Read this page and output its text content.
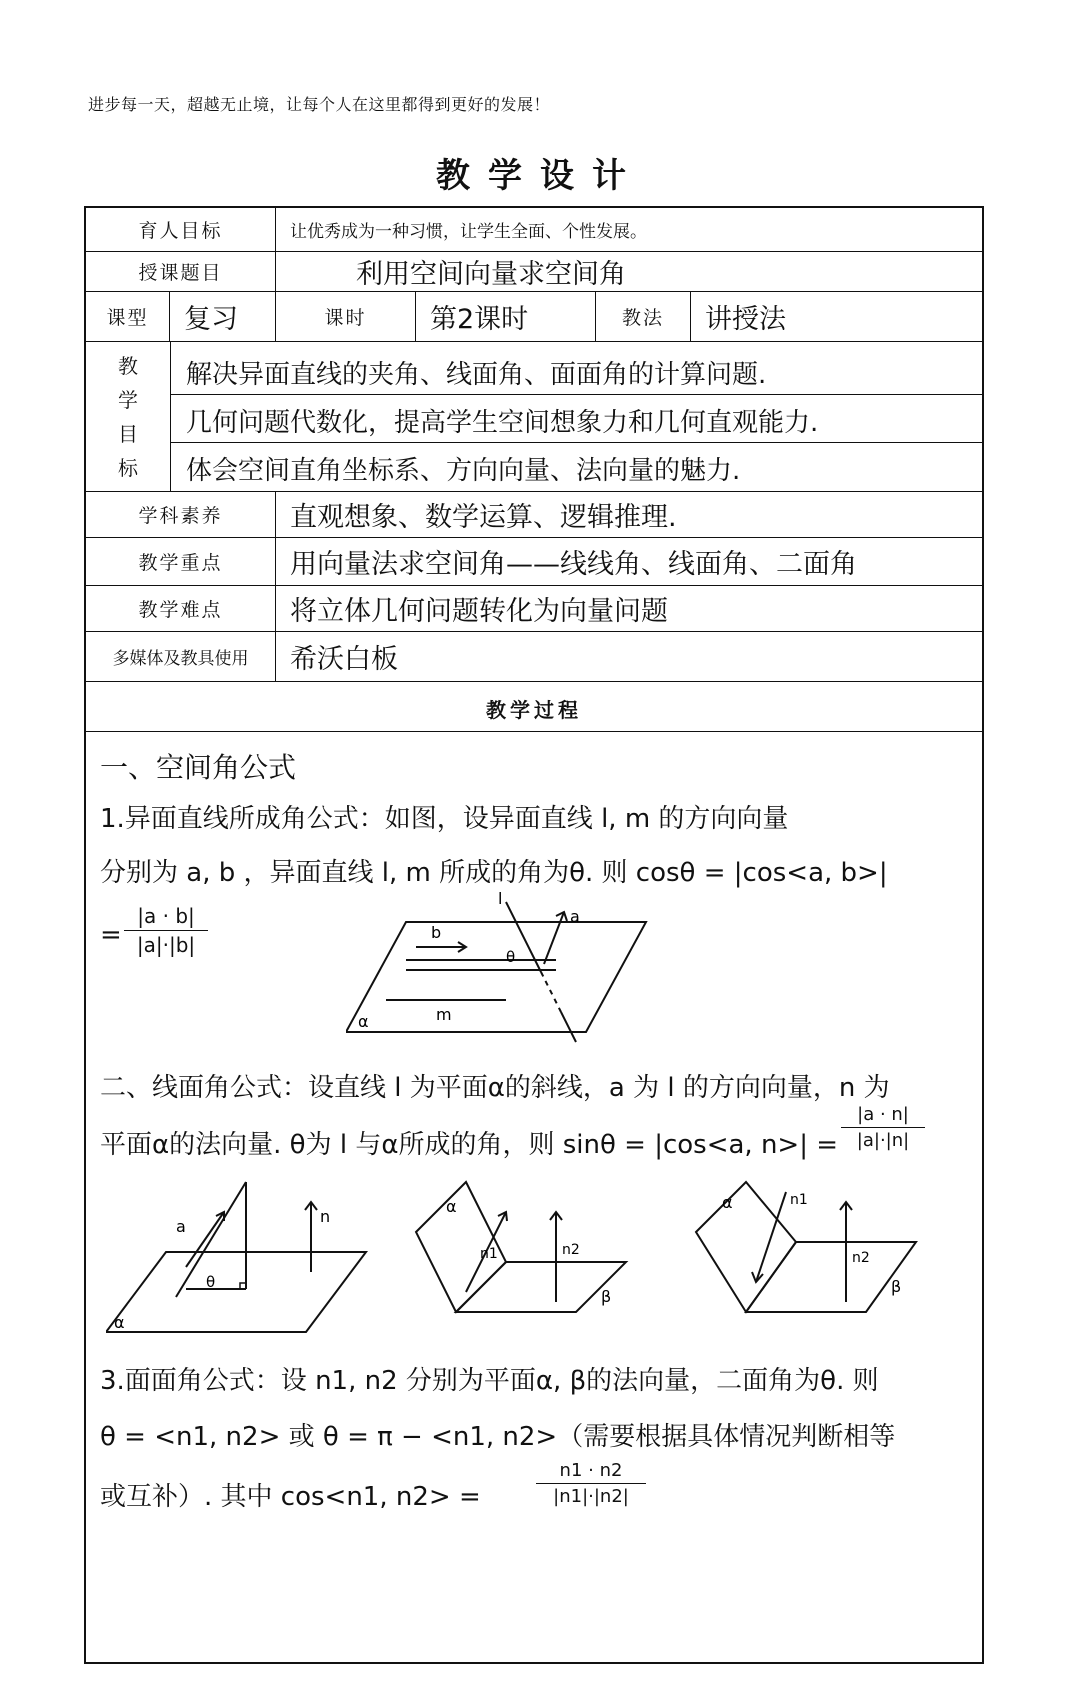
进步每一天，超越无止境，让每个人在这里都得到更好的发展！
教学设计
育人目标	让优秀成为一种习惯，让学生全面、个性发展。
授课题目	利用空间向量求空间角
课型	复习	课时	第2课时	教法	讲授法
教
学
目
标
解决异面直线的夹角、线面角、面面角的计算问题.
几何问题代数化，提高学生空间想象力和几何直观能力.
体会空间直角坐标系、方向向量、法向量的魅力.
学科素养	直观想象、数学运算、逻辑推理.
教学重点	用向量法求空间角——线线角、线面角、二面角
教学难点	将立体几何问题转化为向量问题
多媒体及教具使用	希沃白板
教学过程
一、空间角公式
1.异面直线所成角公式：如图，设异面直线 l, m 的方向向量
分别为 a, b ，异面直线 l, m 所成的角为θ. 则 cosθ = |cos<a, b>|
= $\frac{|a \cdot b|}{|a|\cdot|b|}$	b
a
l
m
θ
α
二、线面角公式：设直线 l 为平面α的斜线，a 为 l 的方向向量，n 为
平面α的法向量. θ为 l 与α所成的角，则 sinθ = |cos<a, $n>| = \frac{|a \cdot n|}{|a|\cdot|n|}$
a
n
θ
α
α
β
n1	n2
α
β
n1
n2
3.面面角公式：设 n1, n2 分别为平面α, β的法向量，二面角为θ. 则
θ = <n1, n2> 或 θ = π − <n1, n2>（需要根据具体情况判断相等
或互补）. 其中 cos<n1, n2> =	$\frac{n1 \cdot n2}{|n1|\cdot|n2|}$
